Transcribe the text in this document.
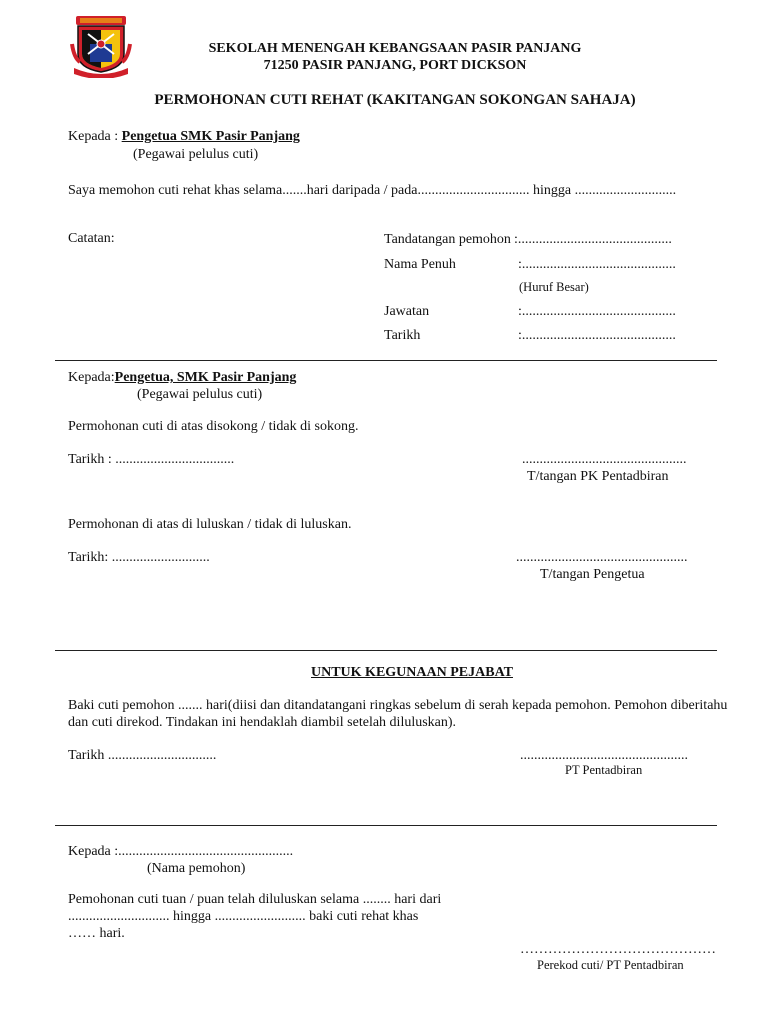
SEKOLAH MENENGAH KEBANGSAAN PASIR PANJANG
71250 PASIR PANJANG, PORT DICKSON
PERMOHONAN CUTI REHAT (KAKITANGAN SOKONGAN SAHAJA)
Kepada : Pengetua SMK Pasir Panjang
(Pegawai pelulus cuti)
Saya memohon cuti rehat khas selama.......hari daripada / pada................................ hingga .............................
Catatan:	Tandatangan pemohon :............................................
Nama Penuh	:............................................
(Huruf Besar)
Jawatan	:............................................
Tarikh	:............................................
Kepada:Pengetua, SMK Pasir Panjang
(Pegawai pelulus cuti)
Permohonan cuti di atas disokong / tidak di sokong.
Tarikh : ..................................	...............................................
T/tangan PK Pentadbiran
Permohonan di atas di luluskan / tidak di luluskan.
Tarikh: ............................	.................................................
T/tangan Pengetua
UNTUK KEGUNAAN PEJABAT
Baki cuti pemohon ....... hari(diisi dan ditandatangani ringkas sebelum di serah kepada pemohon. Pemohon diberitahu dan cuti direkod. Tindakan ini hendaklah diambil setelah diluluskan).
Tarikh ...............................	................................................
PT Pentadbiran
Kepada :..................................................
(Nama pemohon)
Pemohonan cuti tuan / puan telah diluluskan selama ........ hari dari
............................. hingga .......................... baki cuti rehat khas
…… hari.
……………………………………
Perekod cuti/ PT Pentadbiran
